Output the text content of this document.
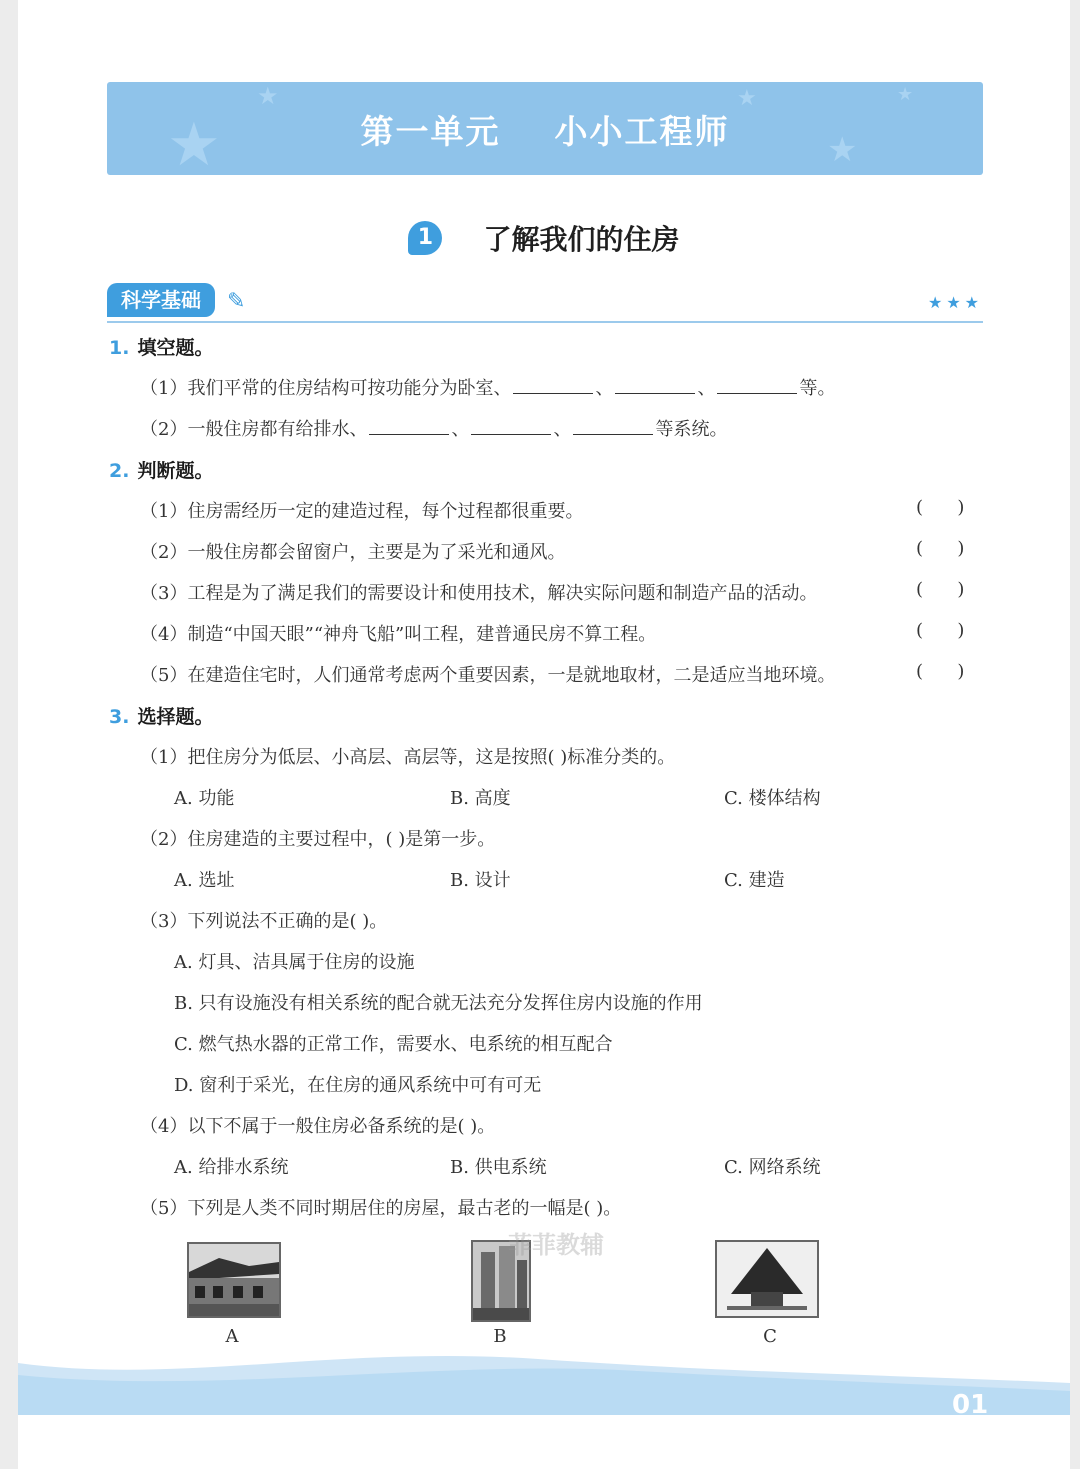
★
★	★
★
★
第一单元    小小工程师
1 了解我们的住房
科学基础	✎	★★★
1. 填空题。
（1）我们平常的住房结构可按功能分为卧室、	、	、	等。
（2）一般住房都有给排水、	、	、	等系统。
2. 判断题。
（1）住房需经历一定的建造过程，每个过程都很重要。	(      )
（2）一般住房都会留窗户，主要是为了采光和通风。	(      )
（3）工程是为了满足我们的需要设计和使用技术，解决实际问题和制造产品的活动。	(      )
（4）制造“中国天眼”“神舟飞船”叫工程，建普通民房不算工程。	(      )
（5）在建造住宅时，人们通常考虑两个重要因素，一是就地取材，二是适应当地环境。	(      )
3. 选择题。
（1）把住房分为低层、小高层、高层等，这是按照( )标准分类的。
A. 功能	B. 高度	C. 楼体结构
（2）住房建造的主要过程中，( )是第一步。
A. 选址	B. 设计	C. 建造
（3）下列说法不正确的是( )。
A. 灯具、洁具属于住房的设施
B. 只有设施没有相关系统的配合就无法充分发挥住房内设施的作用
C. 燃气热水器的正常工作，需要水、电系统的相互配合
D. 窗利于采光，在住房的通风系统中可有可无
（4）以下不属于一般住房必备系统的是( )。
A. 给排水系统	B. 供电系统	C. 网络系统
（5）下列是人类不同时期居住的房屋，最古老的一幅是( )。
A	B	C
菲菲教辅
01
